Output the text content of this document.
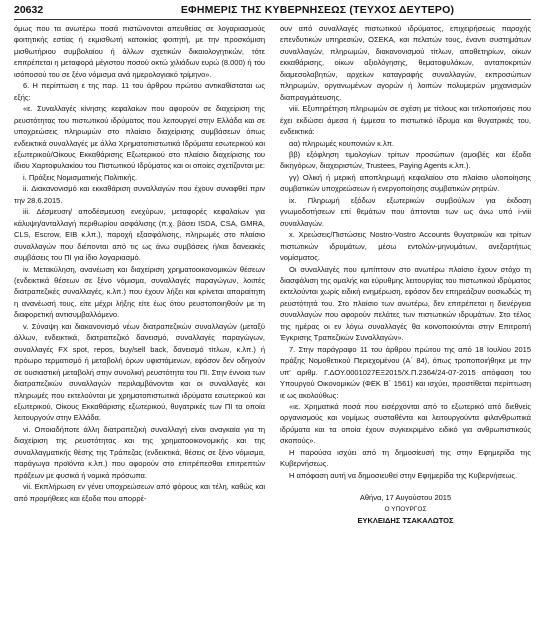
20632	ΕΦΗΜΕΡΙΣ ΤΗΣ ΚΥΒΕΡΝΗΣΕΩΣ (ΤΕΥΧΟΣ ΔΕΥΤΕΡΟ)

όμως που τα ανωτέρω ποσά πιστώνονται απευθείας σε λογαριασμούς φοιτητικής εστίας ή εκμισθωτή κατοικίας φοιτητή, με την προσκόμιση μισθωτήριου συμβολαίου ή άλλων σχετικών δικαιολογητικών, τότε επιτρέπεται η μεταφορά μέγιστου ποσού οκτώ χιλιάδων ευρώ (8.000) ή του ισόποσού του σε ξένο νόμισμα ανά ημερολογιακό τρίμηνο».

6. Η περίπτωση ε της παρ. 11 του άρθρου πρώτου αντικαθίσταται ως εξής:

«ε. Συναλλαγές κίνησης κεφαλαίων που αφορούν σε διαχείριση της ρευστότητας του πιστωτικού ιδρύματος που λειτουργεί στην Ελλάδα και σε υποχρεώσεις πληρωμών στο πλαίσιο διαχείρισης συμβάσεων όπως ενδεικτικά συναλλαγές με άλλα Χρηματοπιστωτικά Ιδρύματα εσωτερικού και εξωτερικού/Οίκους Εκκαθάρισης Εξωτερικού στο πλαίσιο διαχείρισης του ίδιου Χαρτοφυλακίου του Πιστωτικού Ιδρύματος και οι οποίες σχετίζονται με:

i. Πράξεις Νομισματικής Πολιτικής.

ii. Διακανονισμό και εκκαθάριση συναλλαγών που έχουν συναφθεί πριν την 28.6.2015.

iii. Δέσμευση/ αποδέσμευση ενεχύρων, μεταφορές κεφαλαίων για κάλυψη/ανταλλαγή περιθωρίου ασφάλισης (π.χ. βάσει ISDA, CSA, GMRA, CLS, Escrow, EIB κ.λπ.), παροχή εξασφάλισης, πληρωμές στο πλαίσιο συναλλαγών που διέπονται από τις ως άνω συμβάσεις ή/και δανειακές συμβάσεις του ΠΙ για ίδιο λογαριασμό.

iv. Μετακύληση, ανανέωση και διαχείριση χρηματοοικονομικών θέσεων (ενδεικτικά θέσεων σε ξένο νόμισμα, συναλλαγές παραγώγων, λοιπές διατραπεζικές συναλλαγές, κ.λπ.) που έχουν λήξει και κρίνεται απαραίτητη η ανανέωσή τους, είτε μέχρι λήξης είτε έως ότου ρευστοποιηθούν με τη διαφορετική αντισυμβαλλόμενο.

v. Σύναψη και διακανονισμό νέων διατραπεζικών συναλλαγών (μεταξύ άλλων, ενδεικτικά, διατραπεζικό δανεισμό, συναλλαγές παραγώγων, συναλλαγές FX spot, repos, buy/sell back, δανεισμό τίτλων, κ.λπ.) ή πρόωρο τερματισμό ή μεταβολή όρων υφιστάμενων, εφόσον δεν οδηγούν σε ουσιαστική μεταβολή στην συνολική ρευστότητα του ΠΙ. Στην έννοια των διατραπεζικών συναλλαγών περιλαμβάνονται και οι συναλλαγές και πληρωμές που εκτελούνται με χρηματοπιστωτικά ιδρύματα εσωτερικού και εξωτερικού, Οίκους Εκκαθάρισης εξωτερικού, θυγατρικές των ΠΙ τα οποία λειτουργούν στην Ελλάδα.

vi. Οποιαδήποτε άλλη διατραπεζική συναλλαγή είναι αναγκαία για τη διαχείριση της ρευστότητας και της χρηματοοικονομικής και της συναλλαγματικής θέσης της Τράπεζας (ενδεικτικά, θέσεις σε ξένο νόμισμα, παράγωγα προϊόντα κ.λπ.) που αφορούν στο επιτρέπεσθαι επιτρεπτών πράξεων με φυσικά ή νομικά πρόσωπα.

vii. Εκπλήρωση εν γένει υποχρεώσεων από φόρους και τέλη, καθώς και από προμήθειες και έξοδα που απορρέ-

ουν από συναλλαγές πιστωτικού ιδρύματος, επιχειρήσεως παροχής επενδυτικών υπηρεσιών, ΟΣΕΚΑ, και πελατών τους, έναντι συστημάτων συναλλαγών, πληρωμών, διακανονισμού τίτλων, αποθετηρίων, οίκων εκκαθάρισης, οίκων αξιολόγησης, θεματοφυλάκων, ανταποκριτών διαμεσολαβητών, αρχείων καταγραφής συναλλαγών, εκπροσώπων πληρωμών, οργανωμένων αγορών ή λοιπών πολυμερών μηχανισμών διαπραγμάτευσης.

viii. Εξυπηρέτηση πληρωμών σε σχέση με τίτλους και τιτλοποιήσεις που έχει εκδώσει άμεσα ή έμμεσα το πιστωτικό ίδρυμα και θυγατρικές του, ενδεικτικά:

αα) πληρωμές κουπονιών κ.λπ.

ββ) εξόφληση τιμολογίων τρίτων προσώπων (αμοιβές και έξοδα δικηγόρων, διαχειριστών, Trustees, Paying Agents κ.λπ.).

γγ) Ολική ή μερική αποπληρωμή κεφαλαίου στο πλαίσιο υλοποίησης συμβατικών υποχρεώσεων ή ενεργοποίησης συμβατικών ρητρών.

ix. Πληρωμή εξόδων εξωτερικών συμβούλων για έκδοση γνωμοδοτήσεων επί θεμάτων που άπτονται των ως άνω υπό i-viii συναλλαγών.

x. Χρεώσεις/Πιστώσεις Nostro-Vostro Accounts θυγατρικών και τρίτων πιστωτικών ιδρυμάτων, μέσω εντολών-μηνυμάτων, ανεξαρτήτως νομίσματος.

Οι συναλλαγές που εμπίπτουν στο ανωτέρω πλαίσιο έχουν στόχο τη διασφάλιση της ομαλής και εύρυθμης λειτουργίας του πιστωτικού ιδρύματος εκτελούνται χωρίς ειδική ενημέρωση, εφόσον δεν επηρεάζουν ουσιωδώς τη ρευστότητά του. Στο πλαίσιο των ανωτέρω, δεν επιτρέπεται η διενέργεια συναλλαγών που αφορούν πελάτες των πιστωτικών ιδρυμάτων. Στο τέλος της ημέρας οι εν λόγω συναλλαγές θα κοινοποιούνται στην Επιτροπή Έγκρισης Τραπεζικών Συναλλαγών».

7. Στην παράγραφο 11 του άρθρου πρώτου της από 18 Ιουλίου 2015 πράξης Νομοθετικού Περιεχομένου (Α΄ 84), όπως τροποποιήθηκε με την υπ' αριθμ. Γ.ΔΟΥ.0001027ΕΞ2015/Χ.Π.2364/24-07-2015 απόφαση του Υπουργού Οικονομικών (ΦΕΚ Β΄ 1561) και ισχύει, προστίθεται περίπτωση ιε ως ακολούθως:

«ιε. Χρηματικά ποσά που εισέρχονται από το εξωτερικό από διεθνείς οργανισμούς και νομίμως συσταθέντα και λειτουργούντα φιλανθρωπικά ιδρύματα και τα οποία έχουν συγκεκριμένο ειδικό για ανθρωπιστικούς σκοπούς».

Η παρούσα ισχύει από τη δημοσίευσή της στην Εφημερίδα της Κυβερνήσεως.

Η απόφαση αυτή να δημοσιευθεί στην Εφημερίδα της Κυβερνήσεως.

Αθήνα, 17 Αυγούστου 2015

Ο ΥΠΟΥΡΓΟΣ

ΕΥΚΛΕΙΔΗΣ ΤΣΑΚΑΛΩΤΟΣ
